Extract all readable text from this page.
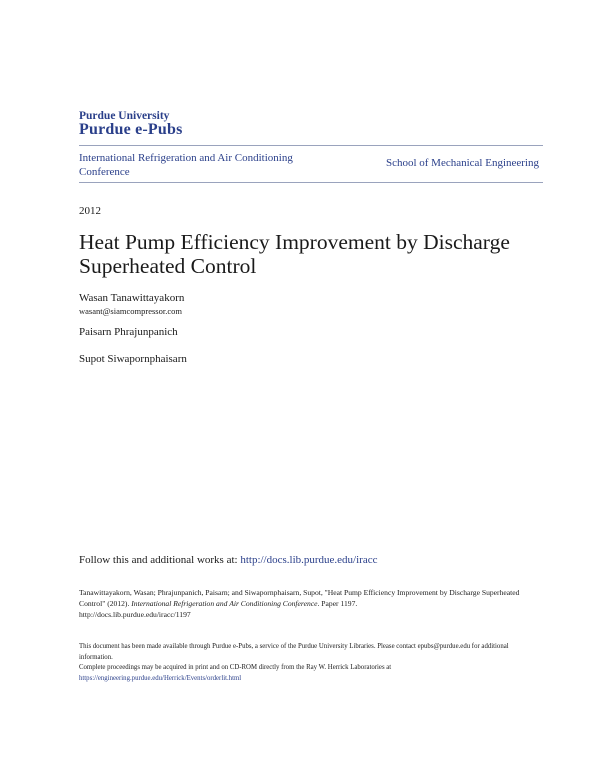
Purdue University
Purdue e-Pubs
International Refrigeration and Air Conditioning Conference
School of Mechanical Engineering
2012
Heat Pump Efficiency Improvement by Discharge Superheated Control
Wasan Tanawittayakorn
wasant@siamcompressor.com
Paisarn Phrajunpanich
Supot Siwapornphaisarn
Follow this and additional works at: http://docs.lib.purdue.edu/iracc
Tanawittayakorn, Wasan; Phrajunpanich, Paisarn; and Siwapornphaisarn, Supot, "Heat Pump Efficiency Improvement by Discharge Superheated Control" (2012). International Refrigeration and Air Conditioning Conference. Paper 1197.
http://docs.lib.purdue.edu/iracc/1197
This document has been made available through Purdue e-Pubs, a service of the Purdue University Libraries. Please contact epubs@purdue.edu for additional information.
Complete proceedings may be acquired in print and on CD-ROM directly from the Ray W. Herrick Laboratories at https://engineering.purdue.edu/Herrick/Events/orderlit.html
